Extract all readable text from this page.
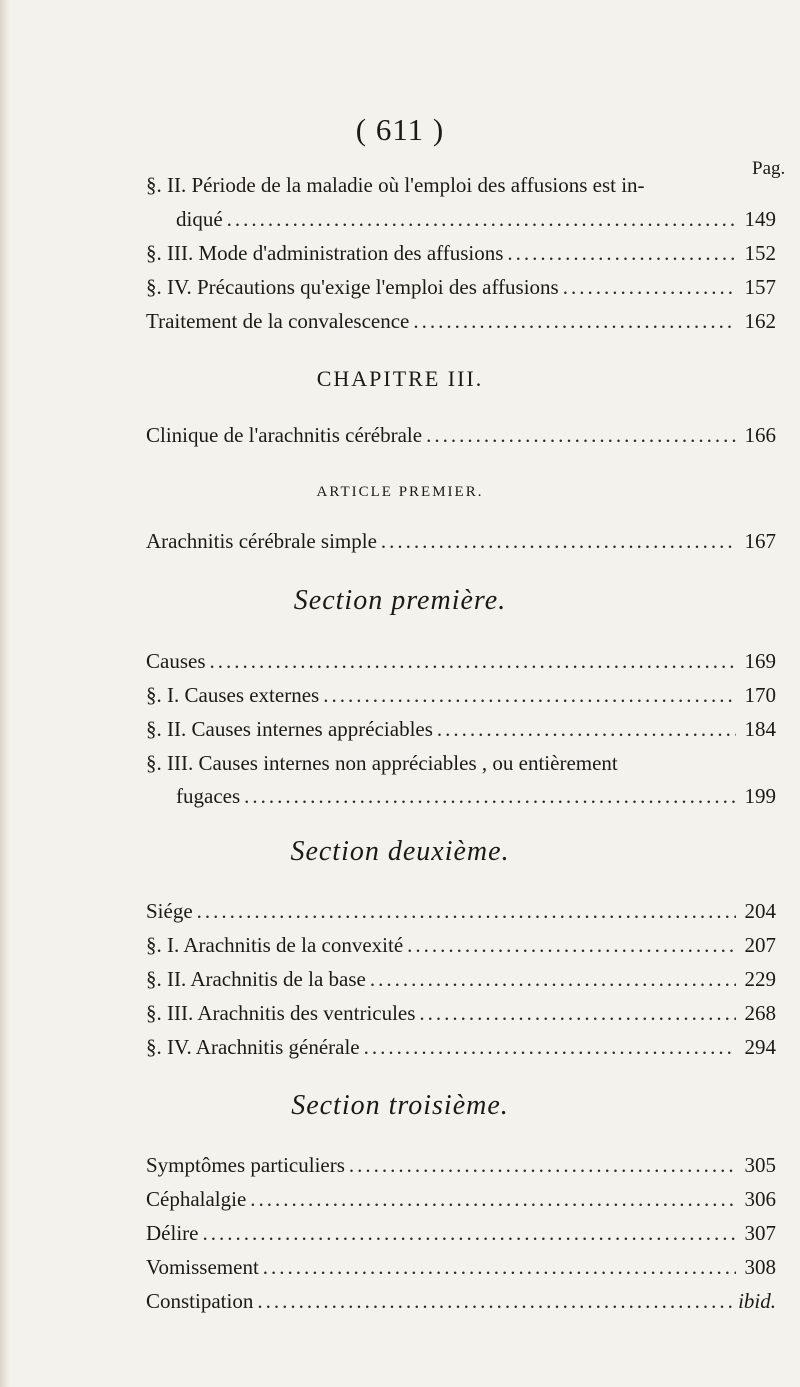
( 611 )
Pag.
§. II. Période de la maladie où l'emploi des affusions est in-
diqué .....	149
§. III. Mode d'administration des affusions .....	152
§. IV. Précautions qu'exige l'emploi des affusions .....	157
Traitement de la convalescence .....	162
CHAPITRE III.
Clinique de l'arachnitis cérébrale .....	166
ARTICLE PREMIER.
Arachnitis cérébrale simple .....	167
Section première.
Causes .....	169
§. I. Causes externes .....	170
§. II. Causes internes appréciables .....	184
§. III. Causes internes non appréciables , ou entièrement
fugaces .....	199
Section deuxième.
Siége .....	204
§. I. Arachnitis de la convexité .....	207
§. II. Arachnitis de la base .....	229
§. III. Arachnitis des ventricules .....	268
§. IV. Arachnitis générale .....	294
Section troisième.
Symptômes particuliers .....	305
Céphalalgie .....	306
Délire .....	307
Vomissement .....	308
Constipation .....	ibid.
